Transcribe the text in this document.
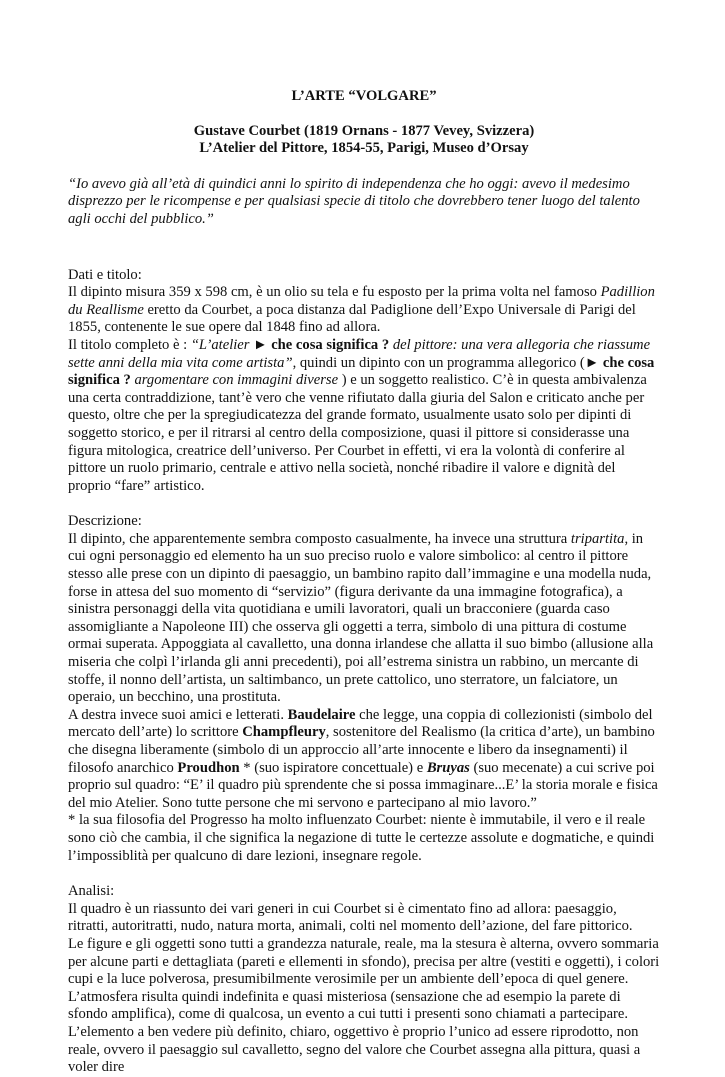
L’ARTE “VOLGARE”

Gustave Courbet (1819 Ornans - 1877 Vevey, Svizzera)

L’Atelier del Pittore, 1854-55, Parigi, Museo d’Orsay

“Io avevo già all’età di quindici anni lo spirito di independenza che ho oggi: avevo il medesimo disprezzo per le ricompense e per qualsiasi specie di titolo che dovrebbero tener luogo del talento agli occhi del pubblico.”

Dati e titolo:

Il dipinto misura 359 x 598 cm, è un olio su tela e fu esposto per la prima volta nel famoso Padillion du Reallisme eretto da Courbet, a poca distanza dal Padiglione dell’Expo Universale di Parigi del 1855, contenente le sue opere dal 1848 fino ad allora.

Il titolo completo è : “L’atelier ► che cosa significa ? del pittore: una vera allegoria che riassume sette anni della mia vita come artista”, quindi un dipinto con un programma allegorico (► che cosa significa ? argomentare con immagini diverse ) e un soggetto realistico. C’è in questa ambivalenza una certa contraddizione, tant’è vero che venne rifiutato dalla giuria del Salon e criticato anche per questo, oltre che per la spregiudicatezza del grande formato, usualmente usato solo per dipinti di soggetto storico, e per il ritrarsi al centro della composizione, quasi il pittore si considerasse una figura mitologica, creatrice dell’universo. Per Courbet in effetti, vi era la volontà di conferire al pittore un ruolo primario, centrale e attivo nella società, nonché ribadire il valore e dignità del proprio “fare” artistico.

Descrizione:

Il dipinto, che apparentemente sembra composto casualmente, ha invece una struttura tripartita, in cui ogni personaggio ed elemento ha un suo preciso ruolo e valore simbolico: al centro il pittore stesso alle prese con un dipinto di paesaggio, un bambino rapito dall’immagine e una modella nuda, forse in attesa del suo momento di “servizio” (figura derivante da una immagine fotografica), a sinistra personaggi della vita quotidiana e umili lavoratori, quali un bracconiere (guarda caso assomigliante a Napoleone III) che osserva gli oggetti a terra, simbolo di una pittura di costume ormai superata. Appoggiata al cavalletto, una donna irlandese che allatta il suo bimbo (allusione alla miseria che colpì l’irlanda gli anni precedenti), poi all’estrema sinistra un rabbino, un mercante di stoffe, il nonno dell’artista, un saltimbanco, un prete cattolico, uno sterratore, un falciatore, un operaio, un becchino, una prostituta.

A destra invece suoi amici e letterati. Baudelaire che legge, una coppia di collezionisti (simbolo del mercato dell’arte) lo scrittore Champfleury, sostenitore del Realismo (la critica d’arte), un bambino che disegna liberamente (simbolo di un approccio all’arte innocente e libero da insegnamenti) il filosofo anarchico Proudhon * (suo ispiratore concettuale) e Bruyas (suo mecenate) a cui scrive poi proprio sul quadro: “E’ il quadro più sprendente che si possa immaginare...E’ la storia morale e fisica del mio Atelier. Sono tutte persone che mi servono e partecipano al mio lavoro.”

* la sua filosofia del Progresso ha molto influenzato Courbet: niente è immutabile, il vero e il reale sono ciò che cambia, il che significa la negazione di tutte le certezze assolute e dogmatiche, e quindi l’impossiblità per qualcuno di dare lezioni, insegnare regole.

Analisi:

Il quadro è un riassunto dei vari generi in cui Courbet si è cimentato fino ad allora: paesaggio, ritratti, autoritratti, nudo, natura morta, animali, colti nel momento dell’azione, del fare pittorico.

Le figure e gli oggetti sono tutti a grandezza naturale, reale, ma la stesura è alterna, ovvero sommaria per alcune parti e dettagliata (pareti e ellementi in sfondo), precisa per altre (vestiti e oggetti), i colori cupi e la luce polverosa, presumibilmente verosimile per un ambiente dell’epoca di quel genere.

L’atmosfera risulta quindi indefinita e quasi misteriosa (sensazione che ad esempio la parete di sfondo amplifica), come di qualcosa, un evento a cui tutti i presenti sono chiamati a partecipare.

L’elemento a ben vedere più definito, chiaro, oggettivo è proprio l’unico ad essere riprodotto, non reale, ovvero il paesaggio sul cavalletto, segno del valore che Courbet assegna alla pittura, quasi a voler dire
